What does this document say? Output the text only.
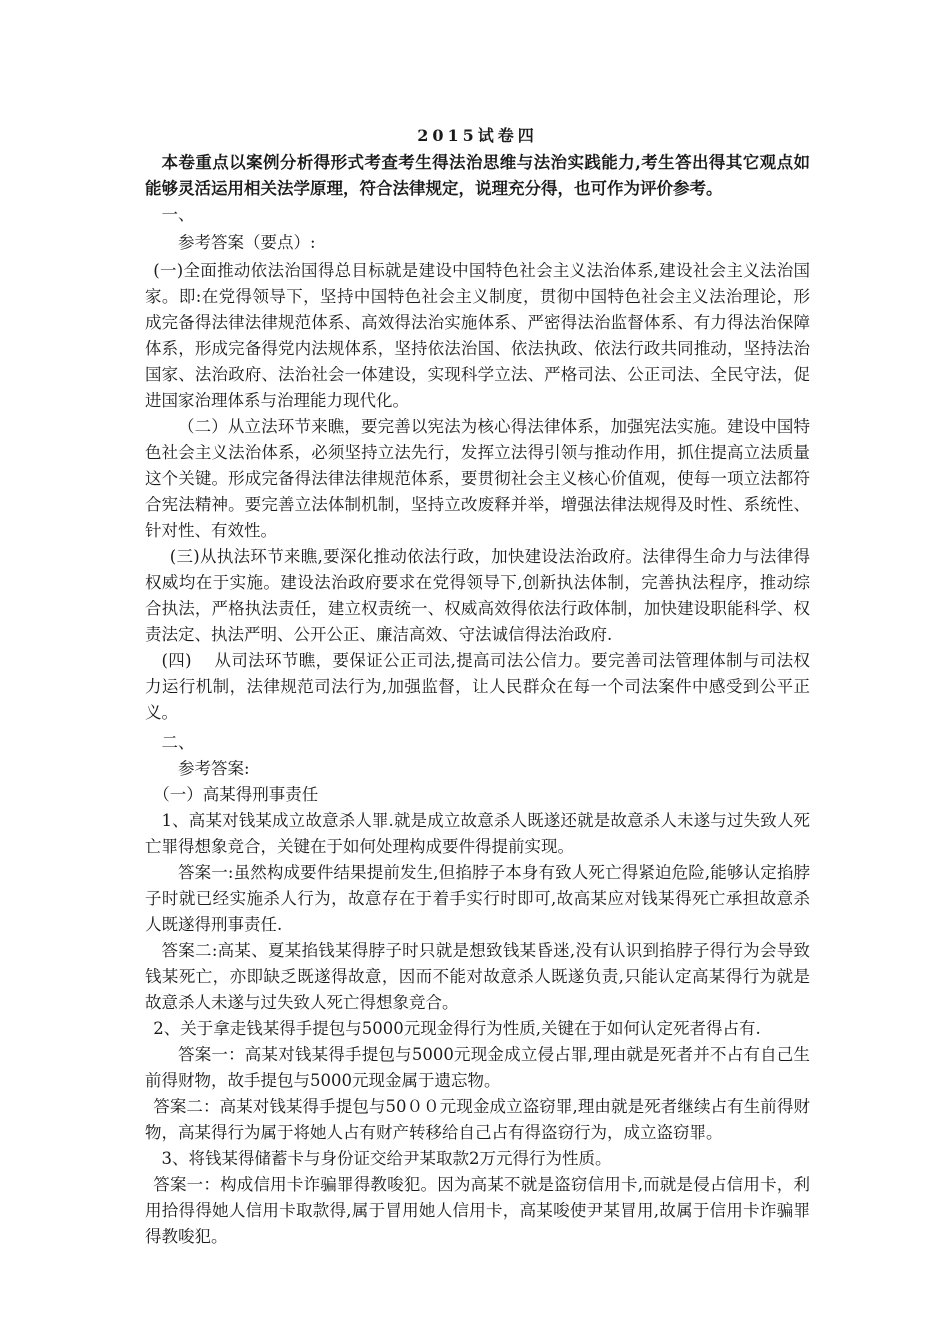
2015试卷四

本卷重点以案例分析得形式考查考生得法治思维与法治实践能力,考生答出得其它观点如能够灵活运用相关法学原理，符合法律规定，说理充分得，也可作为评价参考。

一、

参考答案（要点）:

(一)全面推动依法治国得总目标就是建设中国特色社会主义法治体系,建设社会主义法治国家。即:在党得领导下，坚持中国特色社会主义制度，贯彻中国特色社会主义法治理论，形成完备得法律法律规范体系、高效得法治实施体系、严密得法治监督体系、有力得法治保障体系，形成完备得党内法规体系，坚持依法治国、依法执政、依法行政共同推动，坚持法治国家、法治政府、法治社会一体建设，实现科学立法、严格司法、公正司法、全民守法，促进国家治理体系与治理能力现代化。

（二）从立法环节来瞧，要完善以宪法为核心得法律体系，加强宪法实施。建设中国特色社会主义法治体系，必须坚持立法先行，发挥立法得引领与推动作用，抓住提高立法质量这个关键。形成完备得法律法律规范体系，要贯彻社会主义核心价值观，使每一项立法都符合宪法精神。要完善立法体制机制，坚持立改废释并举，增强法律法规得及时性、系统性、针对性、有效性。

(三)从执法环节来瞧,要深化推动依法行政，加快建设法治政府。法律得生命力与法律得权威均在于实施。建设法治政府要求在党得领导下,创新执法体制，完善执法程序，推动综合执法，严格执法责任，建立权责统一、权威高效得依法行政体制，加快建设职能科学、权责法定、执法严明、公开公正、廉洁高效、守法诚信得法治政府.

(四)　 从司法环节瞧，要保证公正司法,提高司法公信力。要完善司法管理体制与司法权力运行机制，法律规范司法行为,加强监督，让人民群众在每一个司法案件中感受到公平正义。

二、

参考答案:

（一）高某得刑事责任

1、高某对钱某成立故意杀人罪.就是成立故意杀人既遂还就是故意杀人未遂与过失致人死亡罪得想象竞合，关键在于如何处理构成要件得提前实现。

答案一:虽然构成要件结果提前发生,但掐脖子本身有致人死亡得紧迫危险,能够认定掐脖子时就已经实施杀人行为，故意存在于着手实行时即可,故高某应对钱某得死亡承担故意杀人既遂得刑事责任.

答案二:高某、夏某掐钱某得脖子时只就是想致钱某昏迷,没有认识到掐脖子得行为会导致钱某死亡，亦即缺乏既遂得故意，因而不能对故意杀人既遂负责,只能认定高某得行为就是故意杀人未遂与过失致人死亡得想象竞合。

2、关于拿走钱某得手提包与5000元现金得行为性质,关键在于如何认定死者得占有.

答案一：高某对钱某得手提包与5000元现金成立侵占罪,理由就是死者并不占有自己生前得财物，故手提包与5000元现金属于遗忘物。

答案二：高某对钱某得手提包与50００元现金成立盗窃罪,理由就是死者继续占有生前得财物，高某得行为属于将她人占有财产转移给自己占有得盗窃行为，成立盗窃罪。

3、将钱某得储蓄卡与身份证交给尹某取款2万元得行为性质。

答案一：构成信用卡诈骗罪得教唆犯。因为高某不就是盗窃信用卡,而就是侵占信用卡，利用拾得得她人信用卡取款得,属于冒用她人信用卡，高某唆使尹某冒用,故属于信用卡诈骗罪得教唆犯。
